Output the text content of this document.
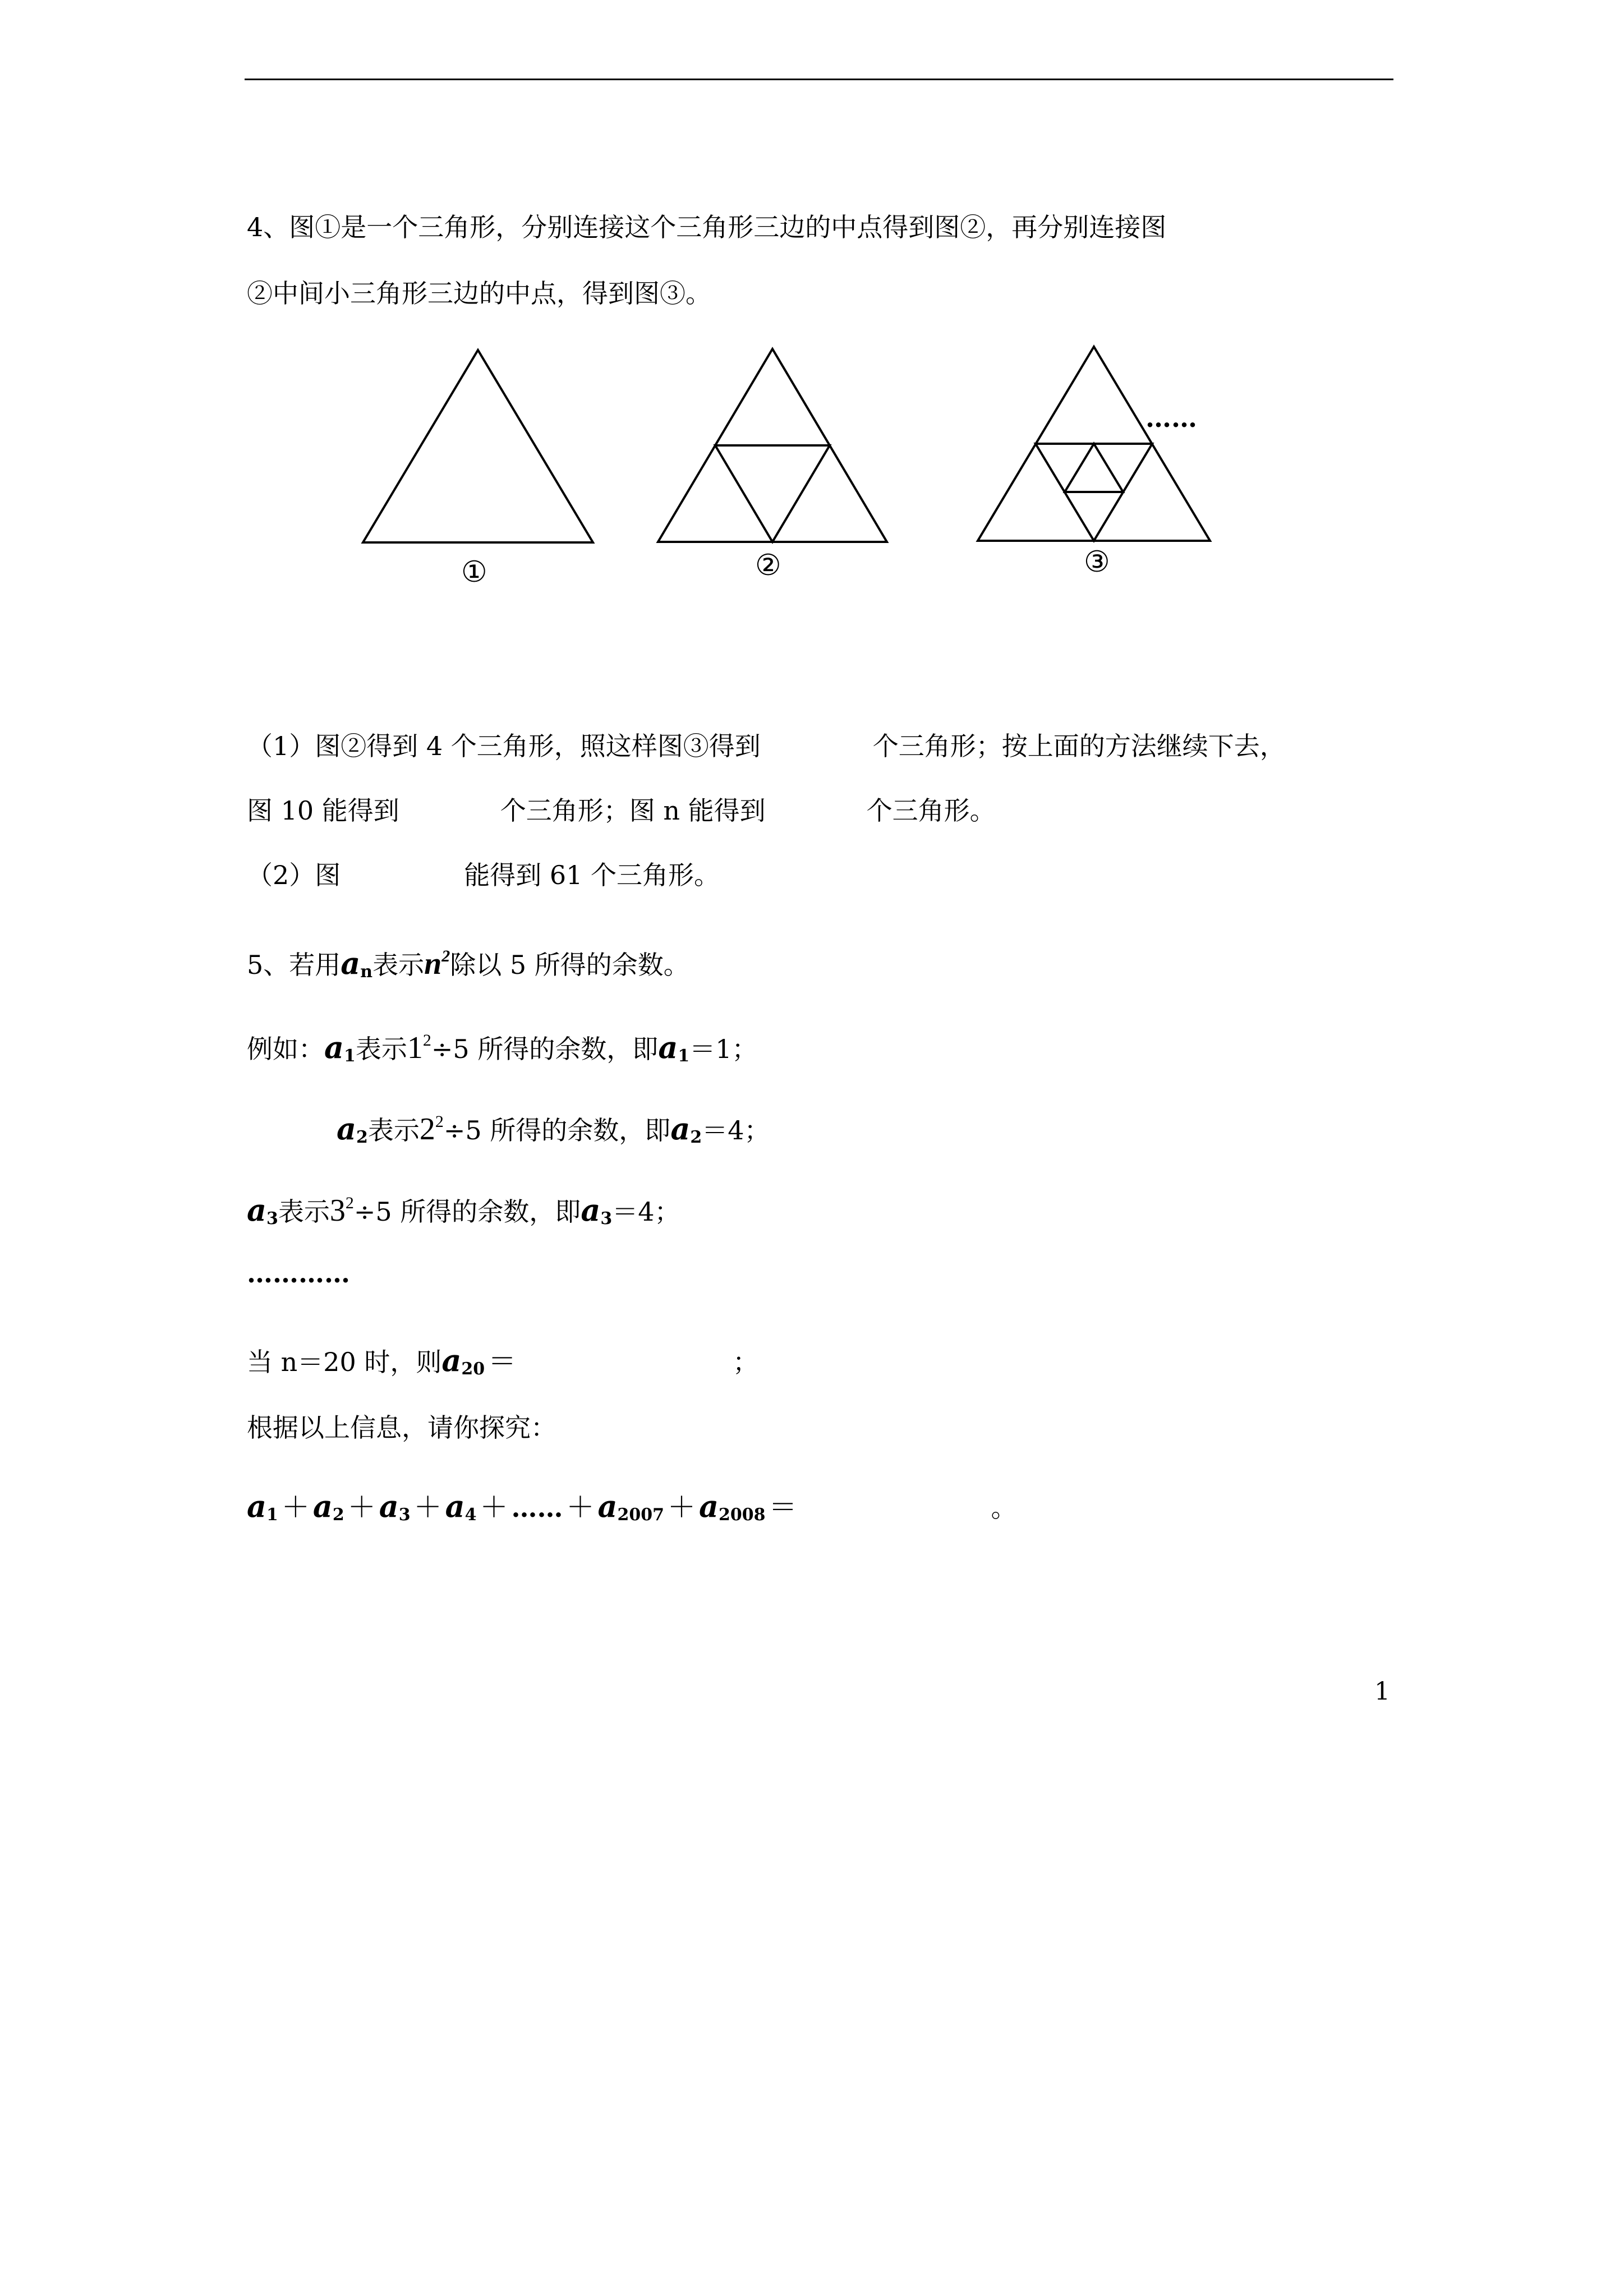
4、图①是一个三角形，分别连接这个三角形三边的中点得到图②，再分别连接图
②中间小三角形三边的中点，得到图③。
①	②	③
……
（1）图②得到 4 个三角形，照这样图③得到	个三角形；按上面的方法继续下去，
图 10 能得到	个三角形；图 n 能得到	个三角形。
（2）图	能得到 61 个三角形。
5、若用$a_n$表示$n^2$除以 5 所得的余数。
例如：$a_1$表示$1^2\div 5$ 所得的余数，即$a_1=1$；
$a_2$表示$2^2\div 5$ 所得的余数，即$a_2=4$；
$a_3$表示$3^2\div 5$ 所得的余数，即$a_3=4$；
…………
当 n＝20 时，则$a_{20}$ ＝	；
根据以上信息，请你探究：
$a_1 + a_2 + a_3 + a_4$ ＋ …… ＋ $a_{2007} + a_{2008}$ ＝	。
1
